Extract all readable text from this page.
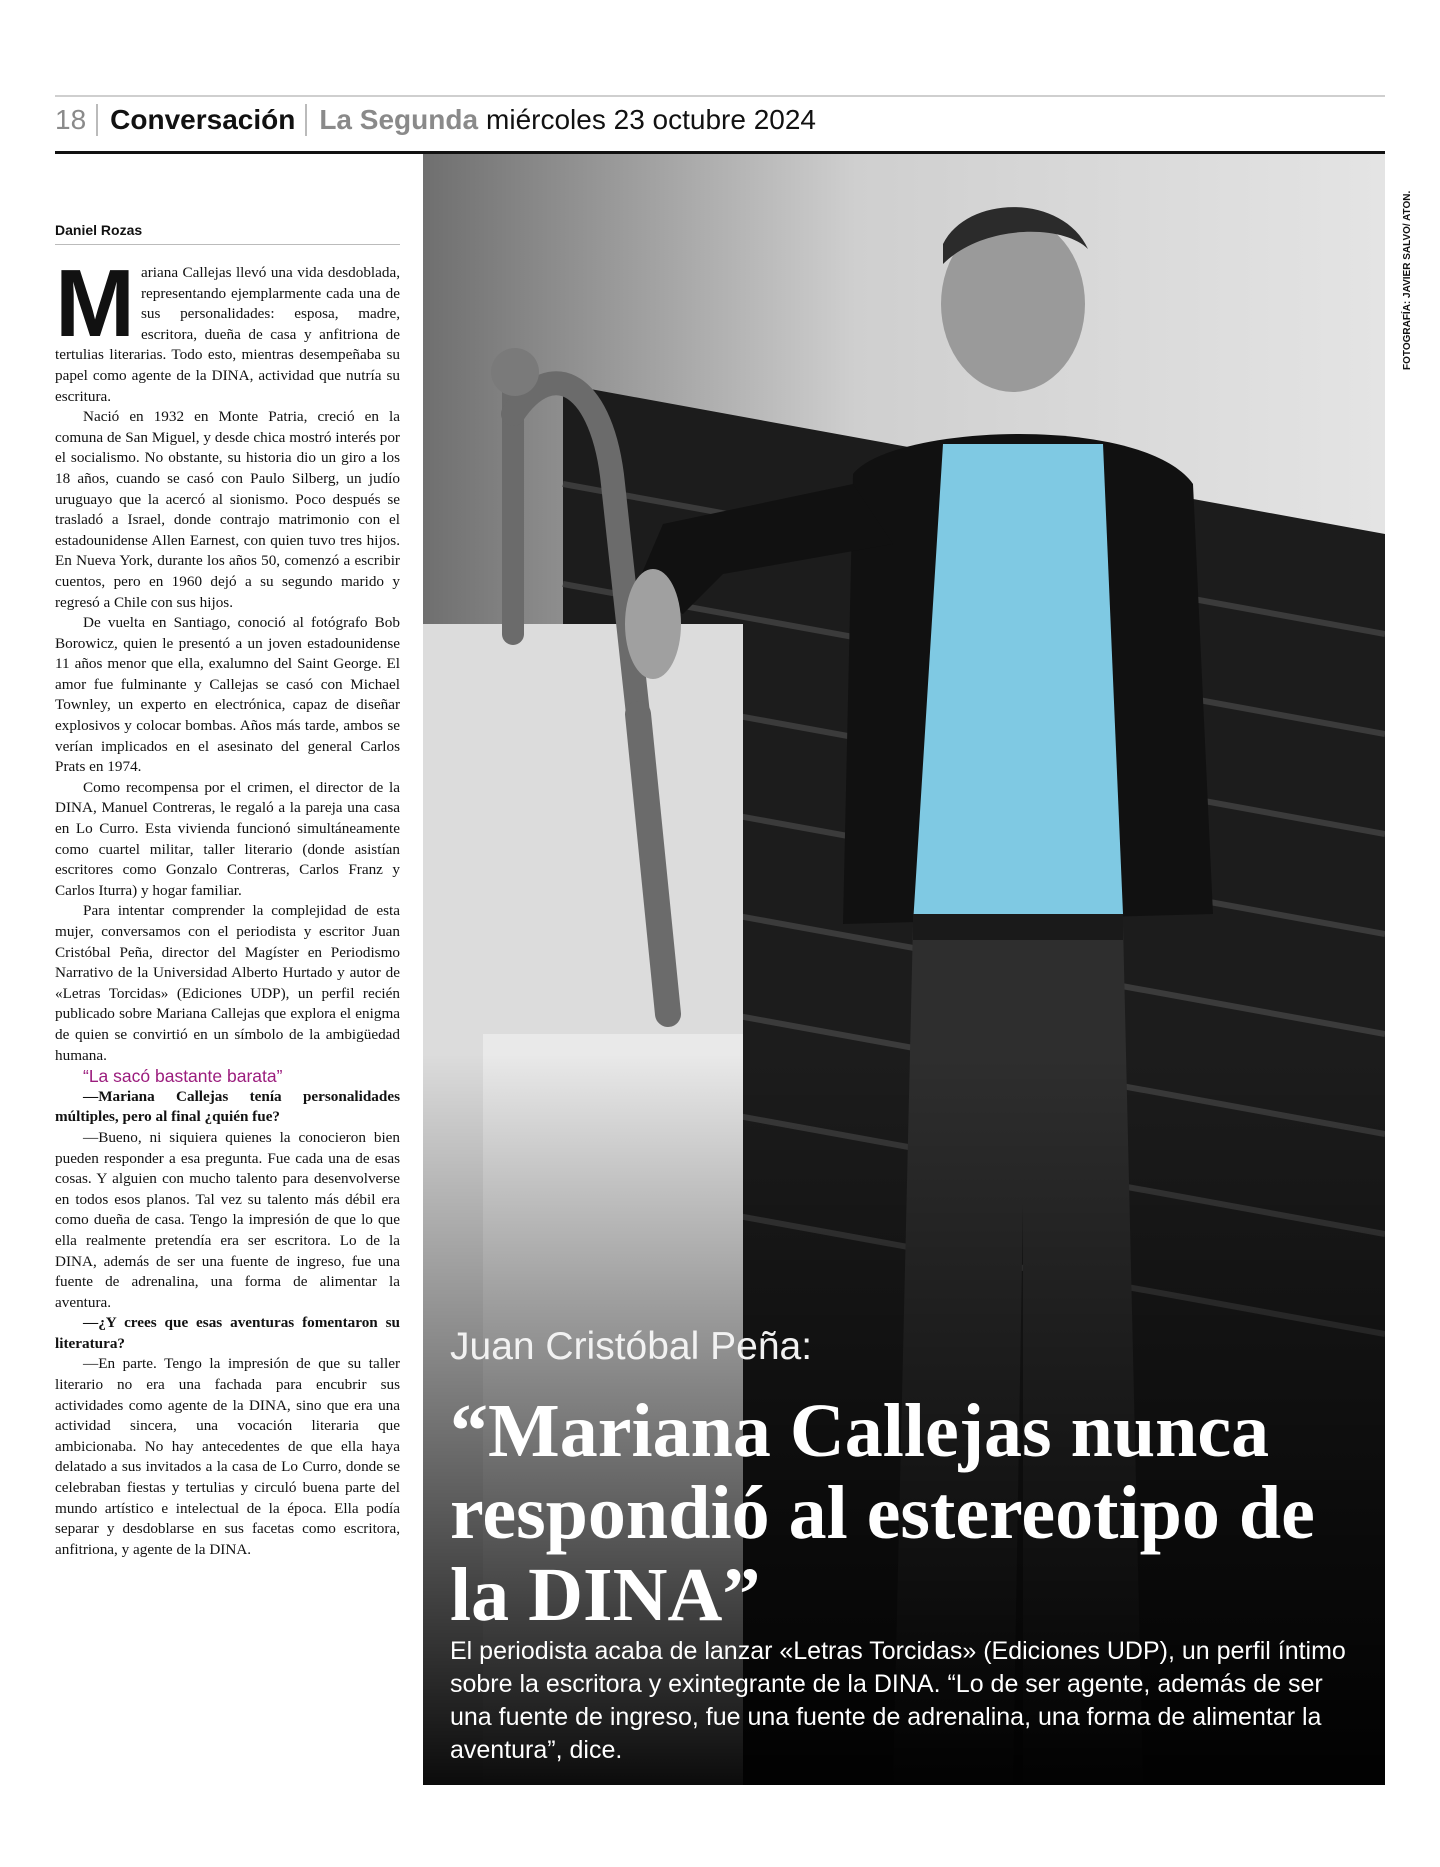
18 Conversación La Segunda miércoles 23 octubre 2024
Daniel Rozas

Mariana Callejas llevó una vida desdoblada, representando ejemplarmente cada una de sus personalidades: esposa, madre, escritora, dueña de casa y anfitriona de tertulias literarias. Todo esto, mientras desempeñaba su papel como agente de la DINA, actividad que nutría su escritura.

Nació en 1932 en Monte Patria, creció en la comuna de San Miguel, y desde chica mostró interés por el socialismo. No obstante, su historia dio un giro a los 18 años, cuando se casó con Paulo Silberg, un judío uruguayo que la acercó al sionismo. Poco después se trasladó a Israel, donde contrajo matrimonio con el estadounidense Allen Earnest, con quien tuvo tres hijos. En Nueva York, durante los años 50, comenzó a escribir cuentos, pero en 1960 dejó a su segundo marido y regresó a Chile con sus hijos.

De vuelta en Santiago, conoció al fotógrafo Bob Borowicz, quien le presentó a un joven estadounidense 11 años menor que ella, exalumno del Saint George. El amor fue fulminante y Callejas se casó con Michael Townley, un experto en electrónica, capaz de diseñar explosivos y colocar bombas. Años más tarde, ambos se verían implicados en el asesinato del general Carlos Prats en 1974.

Como recompensa por el crimen, el director de la DINA, Manuel Contreras, le regaló a la pareja una casa en Lo Curro. Esta vivienda funcionó simultáneamente como cuartel militar, taller literario (donde asistían escritores como Gonzalo Contreras, Carlos Franz y Carlos Iturra) y hogar familiar.

Para intentar comprender la complejidad de esta mujer, conversamos con el periodista y escritor Juan Cristóbal Peña, director del Magíster en Periodismo Narrativo de la Universidad Alberto Hurtado y autor de «Letras Torcidas» (Ediciones UDP), un perfil recién publicado sobre Mariana Callejas que explora el enigma de quien se convirtió en un símbolo de la ambigüedad humana.

“La sacó bastante barata”

—Mariana Callejas tenía personalidades múltiples, pero al final ¿quién fue?

—Bueno, ni siquiera quienes la conocieron bien pueden responder a esa pregunta. Fue cada una de esas cosas. Y alguien con mucho talento para desenvolverse en todos esos planos. Tal vez su talento más débil era como dueña de casa. Tengo la impresión de que lo que ella realmente pretendía era ser escritora. Lo de la DINA, además de ser una fuente de ingreso, fue una fuente de adrenalina, una forma de alimentar la aventura.

—¿Y crees que esas aventuras fomentaron su literatura?

—En parte. Tengo la impresión de que su taller literario no era una fachada para encubrir sus actividades como agente de la DINA, sino que era una actividad sincera, una vocación literaria que ambicionaba. No hay antecedentes de que ella haya delatado a sus invitados a la casa de Lo Curro, donde se celebraban fiestas y tertulias y circuló buena parte del mundo artístico e intelectual de la época. Ella podía separar y desdoblarse en sus facetas como escritora, anfitriona, y agente de la DINA.

FOTOGRAFÍA: JAVIER SALVO/ ATON.
Juan Cristóbal Peña:
“Mariana Callejas nunca respondió al estereotipo de la DINA”
El periodista acaba de lanzar «Letras Torcidas» (Ediciones UDP), un perfil íntimo sobre la escritora y exintegrante de la DINA. “Lo de ser agente, además de ser una fuente de ingreso, fue una fuente de adrenalina, una forma de alimentar la aventura”, dice.
